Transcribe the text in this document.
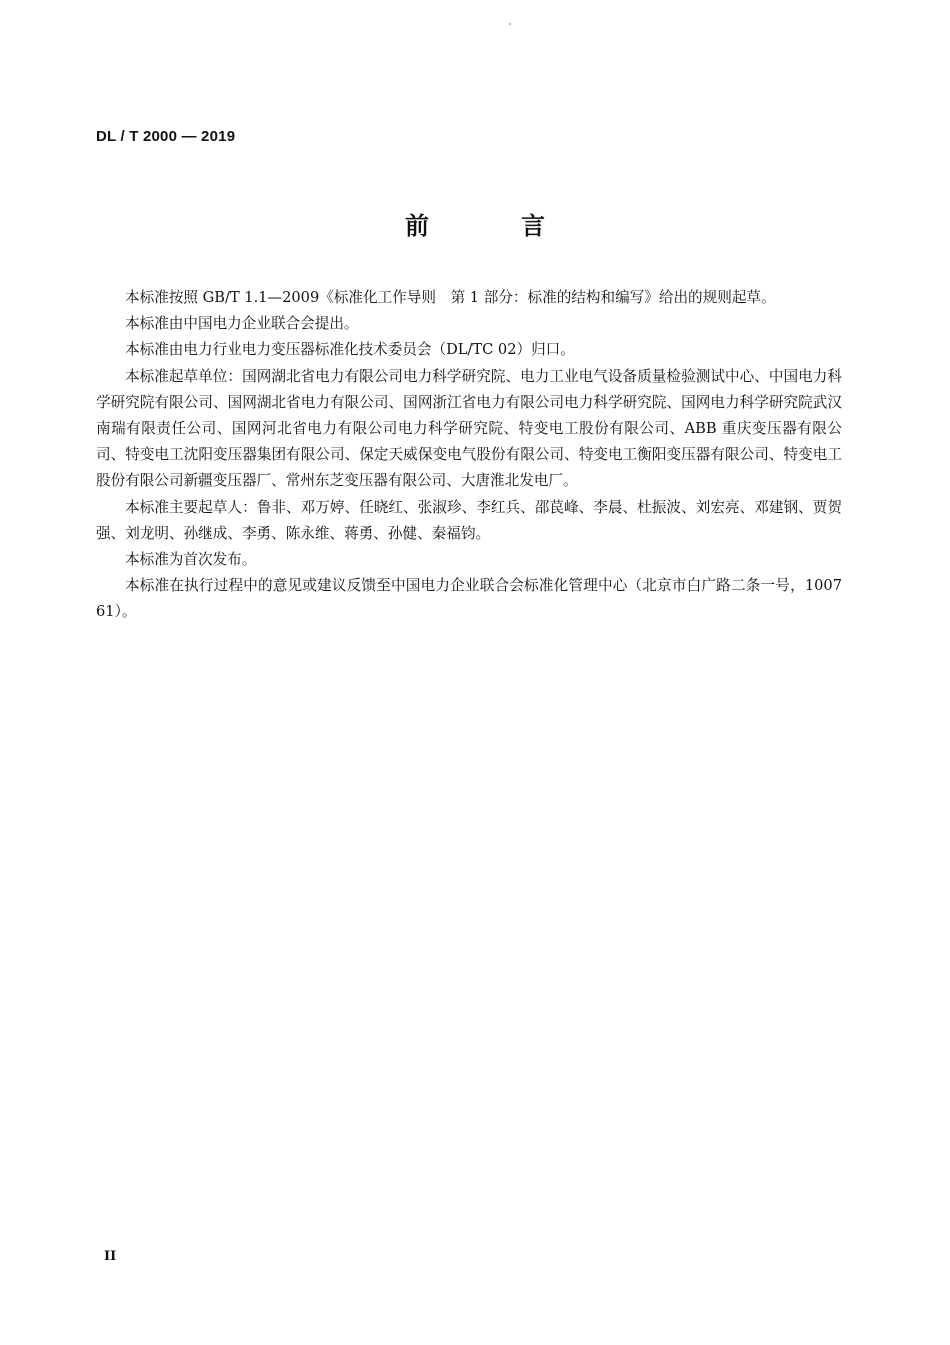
DL / T 2000 — 2019
前　言

本标准按照 GB/T 1.1—2009《标准化工作导则　第 1 部分：标准的结构和编写》给出的规则起草。

本标准由中国电力企业联合会提出。

本标准由电力行业电力变压器标准化技术委员会（DL/TC 02）归口。

本标准起草单位：国网湖北省电力有限公司电力科学研究院、电力工业电气设备质量检验测试中心、中国电力科学研究院有限公司、国网湖北省电力有限公司、国网浙江省电力有限公司电力科学研究院、国网电力科学研究院武汉南瑞有限责任公司、国网河北省电力有限公司电力科学研究院、特变电工股份有限公司、ABB 重庆变压器有限公司、特变电工沈阳变压器集团有限公司、保定天威保变电气股份有限公司、特变电工衡阳变压器有限公司、特变电工股份有限公司新疆变压器厂、常州东芝变压器有限公司、大唐淮北发电厂。

本标准主要起草人：鲁非、邓万婷、任晓红、张淑珍、李红兵、邵苠峰、李晨、杜振波、刘宏亮、邓建钢、贾贺强、刘龙明、孙继成、李勇、陈永维、蒋勇、孙健、秦福钧。

本标准为首次发布。

本标准在执行过程中的意见或建议反馈至中国电力企业联合会标准化管理中心（北京市白广路二条一号，100761）。

II
